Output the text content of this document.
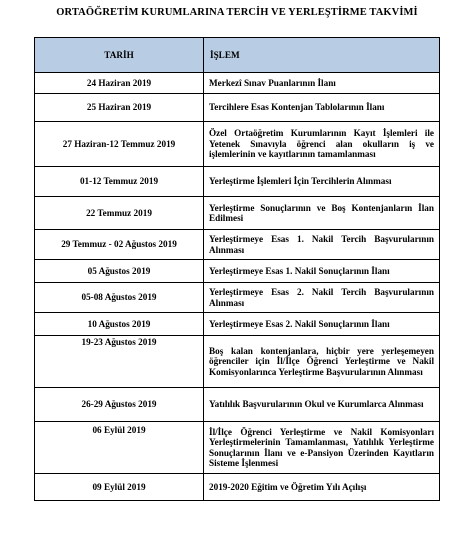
ORTAÖĞRETİM KURUMLARINA TERCİH VE YERLEŞTİRME TAKVİMİ
TARİH	İŞLEM
24 Haziran 2019	Merkezî Sınav Puanlarının İlanı
25 Haziran 2019	Tercihlere Esas Kontenjan Tablolarının İlanı
27 Haziran-12 Temmuz 2019	Özel Ortaöğretim Kurumlarının Kayıt İşlemleri ile Yetenek Sınavıyla öğrenci alan okulların iş ve işlemlerinin ve kayıtlarının tamamlanması
01-12 Temmuz 2019	Yerleştirme İşlemleri İçin Tercihlerin Alınması
22 Temmuz 2019	Yerleştirme Sonuçlarının ve Boş Kontenjanların İlan Edilmesi
29 Temmuz - 02 Ağustos 2019	Yerleştirmeye Esas 1. Nakil Tercih Başvurularının Alınması
05 Ağustos 2019	Yerleştirmeye Esas 1. Nakil Sonuçlarının İlanı
05-08 Ağustos 2019	Yerleştirmeye Esas 2. Nakil Tercih Başvurularının Alınması
10 Ağustos 2019	Yerleştirmeye Esas 2. Nakil Sonuçlarının İlanı
19-23 Ağustos 2019	Boş kalan kontenjanlara, hiçbir yere yerleşemeyen öğrenciler için İl/İlçe Öğrenci Yerleştirme ve Nakil Komisyonlarınca Yerleştirme Başvurularının Alınması
26-29 Ağustos 2019	Yatılılık Başvurularının Okul ve Kurumlarca Alınması
06 Eylül 2019	İl/İlçe Öğrenci Yerleştirme ve Nakil Komisyonları Yerleştirmelerinin Tamamlanması, Yatılılık Yerleştirme Sonuçlarının İlanı ve e-Pansiyon Üzerinden Kayıtların Sisteme İşlenmesi
09 Eylül 2019	2019-2020 Eğitim ve Öğretim Yılı Açılışı
